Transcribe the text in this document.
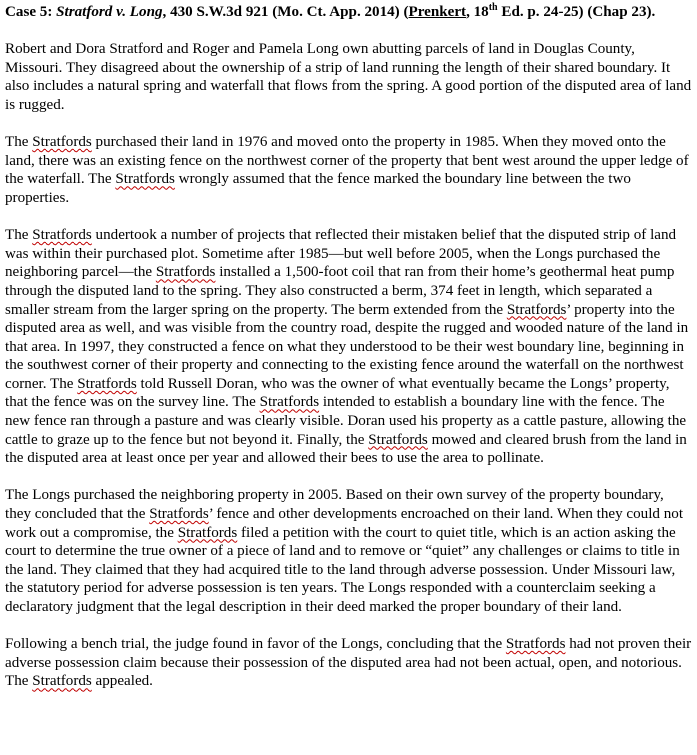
Case 5: Stratford v. Long, 430 S.W.3d 921 (Mo. Ct. App. 2014) (Prenkert, 18th Ed. p. 24-25) (Chap 23).

Robert and Dora Stratford and Roger and Pamela Long own abutting parcels of land in Douglas County, Missouri. They disagreed about the ownership of a strip of land running the length of their shared boundary. It also includes a natural spring and waterfall that flows from the spring. A good portion of the disputed area of land is rugged.

The Stratfords purchased their land in 1976 and moved onto the property in 1985. When they moved onto the land, there was an existing fence on the northwest corner of the property that bent west around the upper ledge of the waterfall. The Stratfords wrongly assumed that the fence marked the boundary line between the two properties.

The Stratfords undertook a number of projects that reflected their mistaken belief that the disputed strip of land was within their purchased plot. Sometime after 1985—but well before 2005, when the Longs purchased the neighboring parcel—the Stratfords installed a 1,500-foot coil that ran from their home’s geothermal heat pump through the disputed land to the spring. They also constructed a berm, 374 feet in length, which separated a smaller stream from the larger spring on the property. The berm extended from the Stratfords’ property into the disputed area as well, and was visible from the country road, despite the rugged and wooded nature of the land in that area. In 1997, they constructed a fence on what they understood to be their west boundary line, beginning in the southwest corner of their property and connecting to the existing fence around the waterfall on the northwest corner. The Stratfords told Russell Doran, who was the owner of what eventually became the Longs’ property, that the fence was on the survey line. The Stratfords intended to establish a boundary line with the fence. The new fence ran through a pasture and was clearly visible. Doran used his property as a cattle pasture, allowing the cattle to graze up to the fence but not beyond it. Finally, the Stratfords mowed and cleared brush from the land in the disputed area at least once per year and allowed their bees to use the area to pollinate.

The Longs purchased the neighboring property in 2005. Based on their own survey of the property boundary, they concluded that the Stratfords’ fence and other developments encroached on their land. When they could not work out a compromise, the Stratfords filed a petition with the court to quiet title, which is an action asking the court to determine the true owner of a piece of land and to remove or “quiet” any challenges or claims to title in the land. They claimed that they had acquired title to the land through adverse possession. Under Missouri law, the statutory period for adverse possession is ten years. The Longs responded with a counterclaim seeking a declaratory judgment that the legal description in their deed marked the proper boundary of their land.

Following a bench trial, the judge found in favor of the Longs, concluding that the Stratfords had not proven their adverse possession claim because their possession of the disputed area had not been actual, open, and notorious. The Stratfords appealed.
